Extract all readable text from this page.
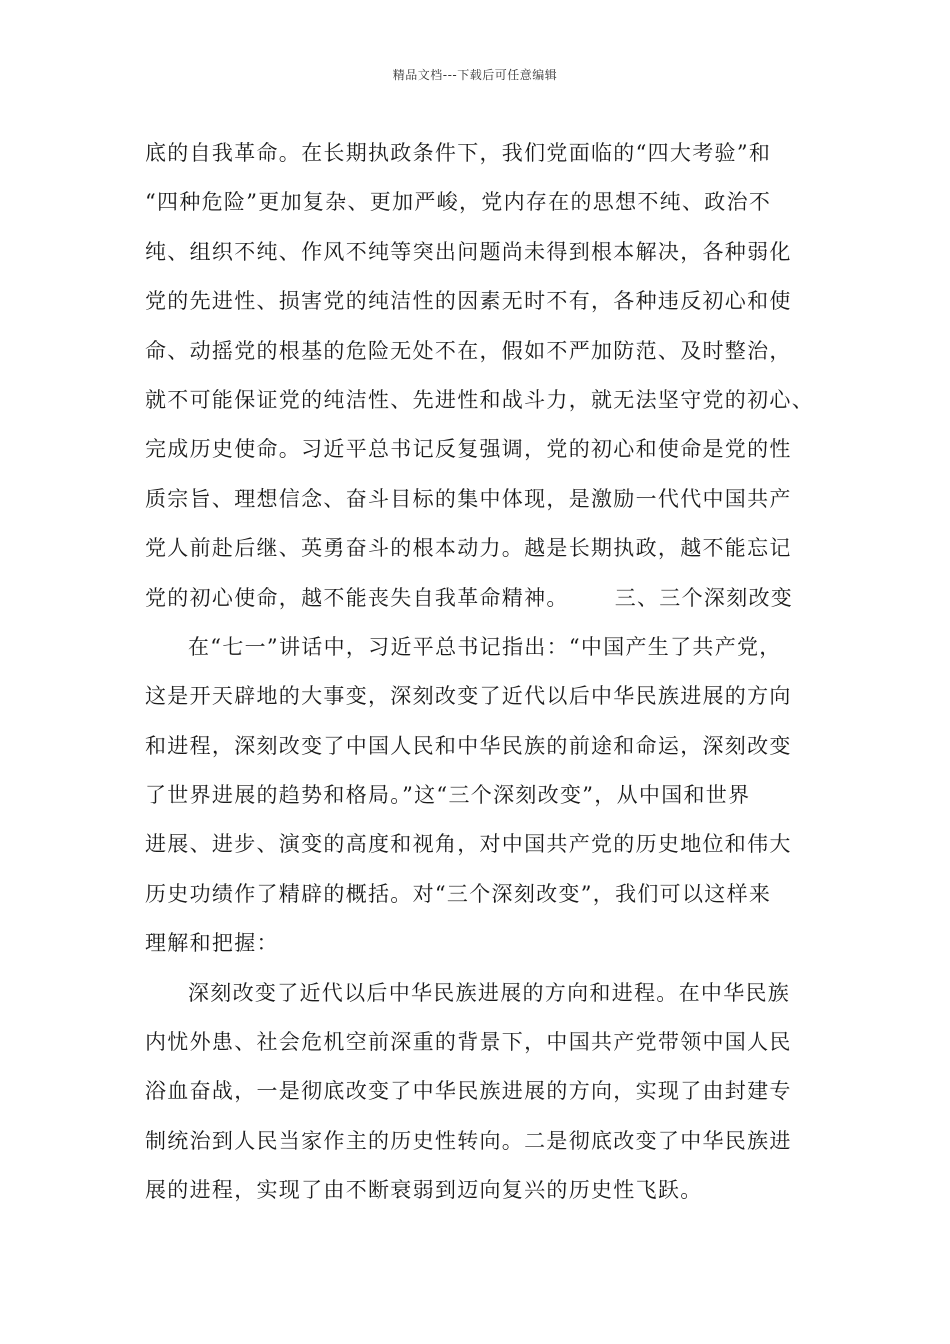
精品文档---下载后可任意编辑
底的自我革命。在长期执政条件下，我们党面临的“四大考验”和
“四种危险”更加复杂、更加严峻，党内存在的思想不纯、政治不
纯、组织不纯、作风不纯等突出问题尚未得到根本解决，各种弱化
党的先进性、损害党的纯洁性的因素无时不有，各种违反初心和使
命、动摇党的根基的危险无处不在，假如不严加防范、及时整治，
就不可能保证党的纯洁性、先进性和战斗力，就无法坚守党的初心、
完成历史使命。习近平总书记反复强调，党的初心和使命是党的性
质宗旨、理想信念、奋斗目标的集中体现，是激励一代代中国共产
党人前赴后继、英勇奋斗的根本动力。越是长期执政，越不能忘记
党的初心使命，越不能丧失自我革命精神。 三、三个深刻改变
在“七一”讲话中，习近平总书记指出：“中国产生了共产党，
这是开天辟地的大事变，深刻改变了近代以后中华民族进展的方向
和进程，深刻改变了中国人民和中华民族的前途和命运，深刻改变
了世界进展的趋势和格局。”这“三个深刻改变”，从中国和世界
进展、进步、演变的高度和视角，对中国共产党的历史地位和伟大
历史功绩作了精辟的概括。对“三个深刻改变”，我们可以这样来
理解和把握：
深刻改变了近代以后中华民族进展的方向和进程。在中华民族
内忧外患、社会危机空前深重的背景下，中国共产党带领中国人民
浴血奋战，一是彻底改变了中华民族进展的方向，实现了由封建专
制统治到人民当家作主的历史性转向。二是彻底改变了中华民族进
展的进程，实现了由不断衰弱到迈向复兴的历史性飞跃。
